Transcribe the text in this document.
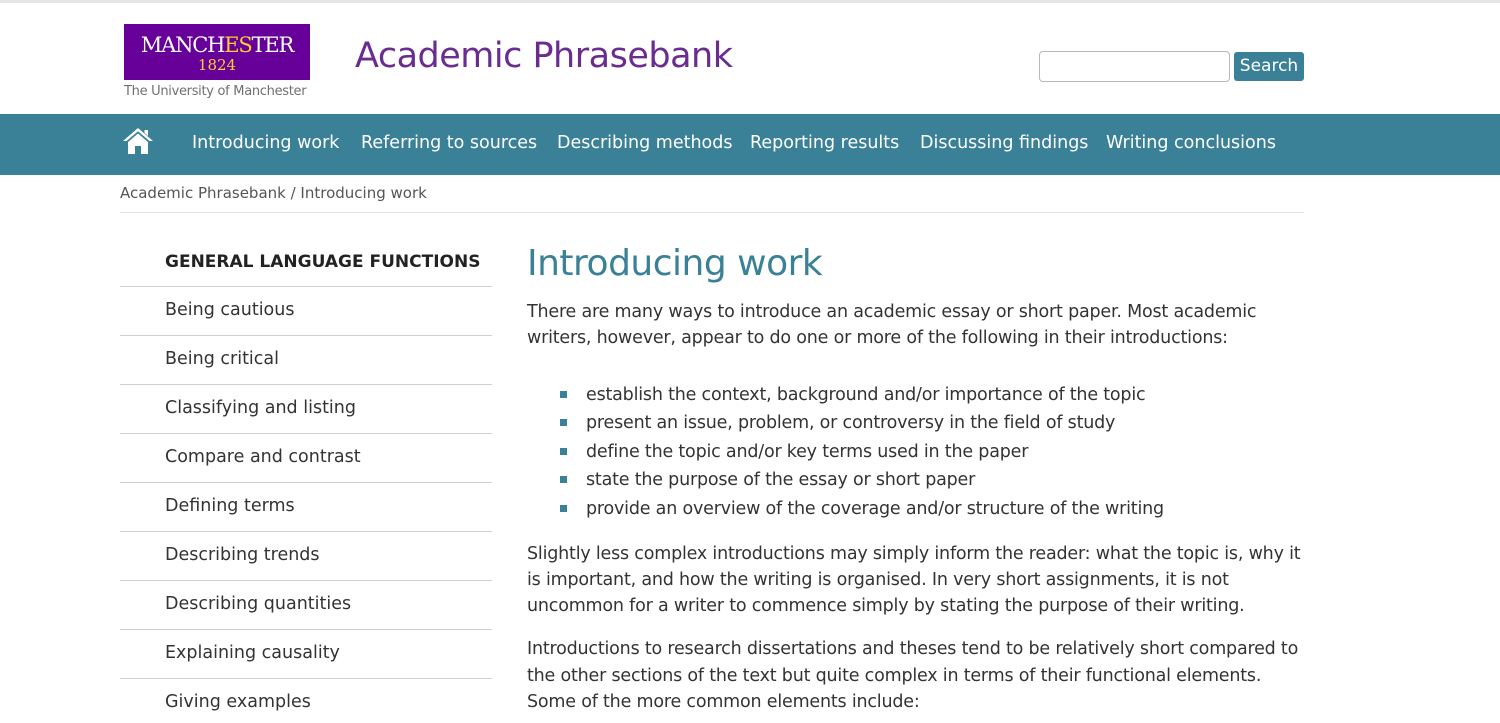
MANCHESTER
1824
The University of Manchester
Academic Phrasebank	Search
Introducing work Referring to sources Describing methods Reporting results Discussing findings Writing conclusions
Academic Phrasebank / Introducing work
GENERAL LANGUAGE FUNCTIONS
Being cautious
Being critical
Classifying and listing
Compare and contrast
Defining terms
Describing trends
Describing quantities
Explaining causality
Giving examples
Introducing work

There are many ways to introduce an academic essay or short paper. Most academic writers, however, appear to do one or more of the following in their introductions:

establish the context, background and/or importance of the topic
present an issue, problem, or controversy in the field of study
define the topic and/or key terms used in the paper
state the purpose of the essay or short paper
provide an overview of the coverage and/or structure of the writing

Slightly less complex introductions may simply inform the reader: what the topic is, why it is important, and how the writing is organised. In very short assignments, it is not uncommon for a writer to commence simply by stating the purpose of their writing.

Introductions to research dissertations and theses tend to be relatively short compared to the other sections of the text but quite complex in terms of their functional elements. Some of the more common elements include:
